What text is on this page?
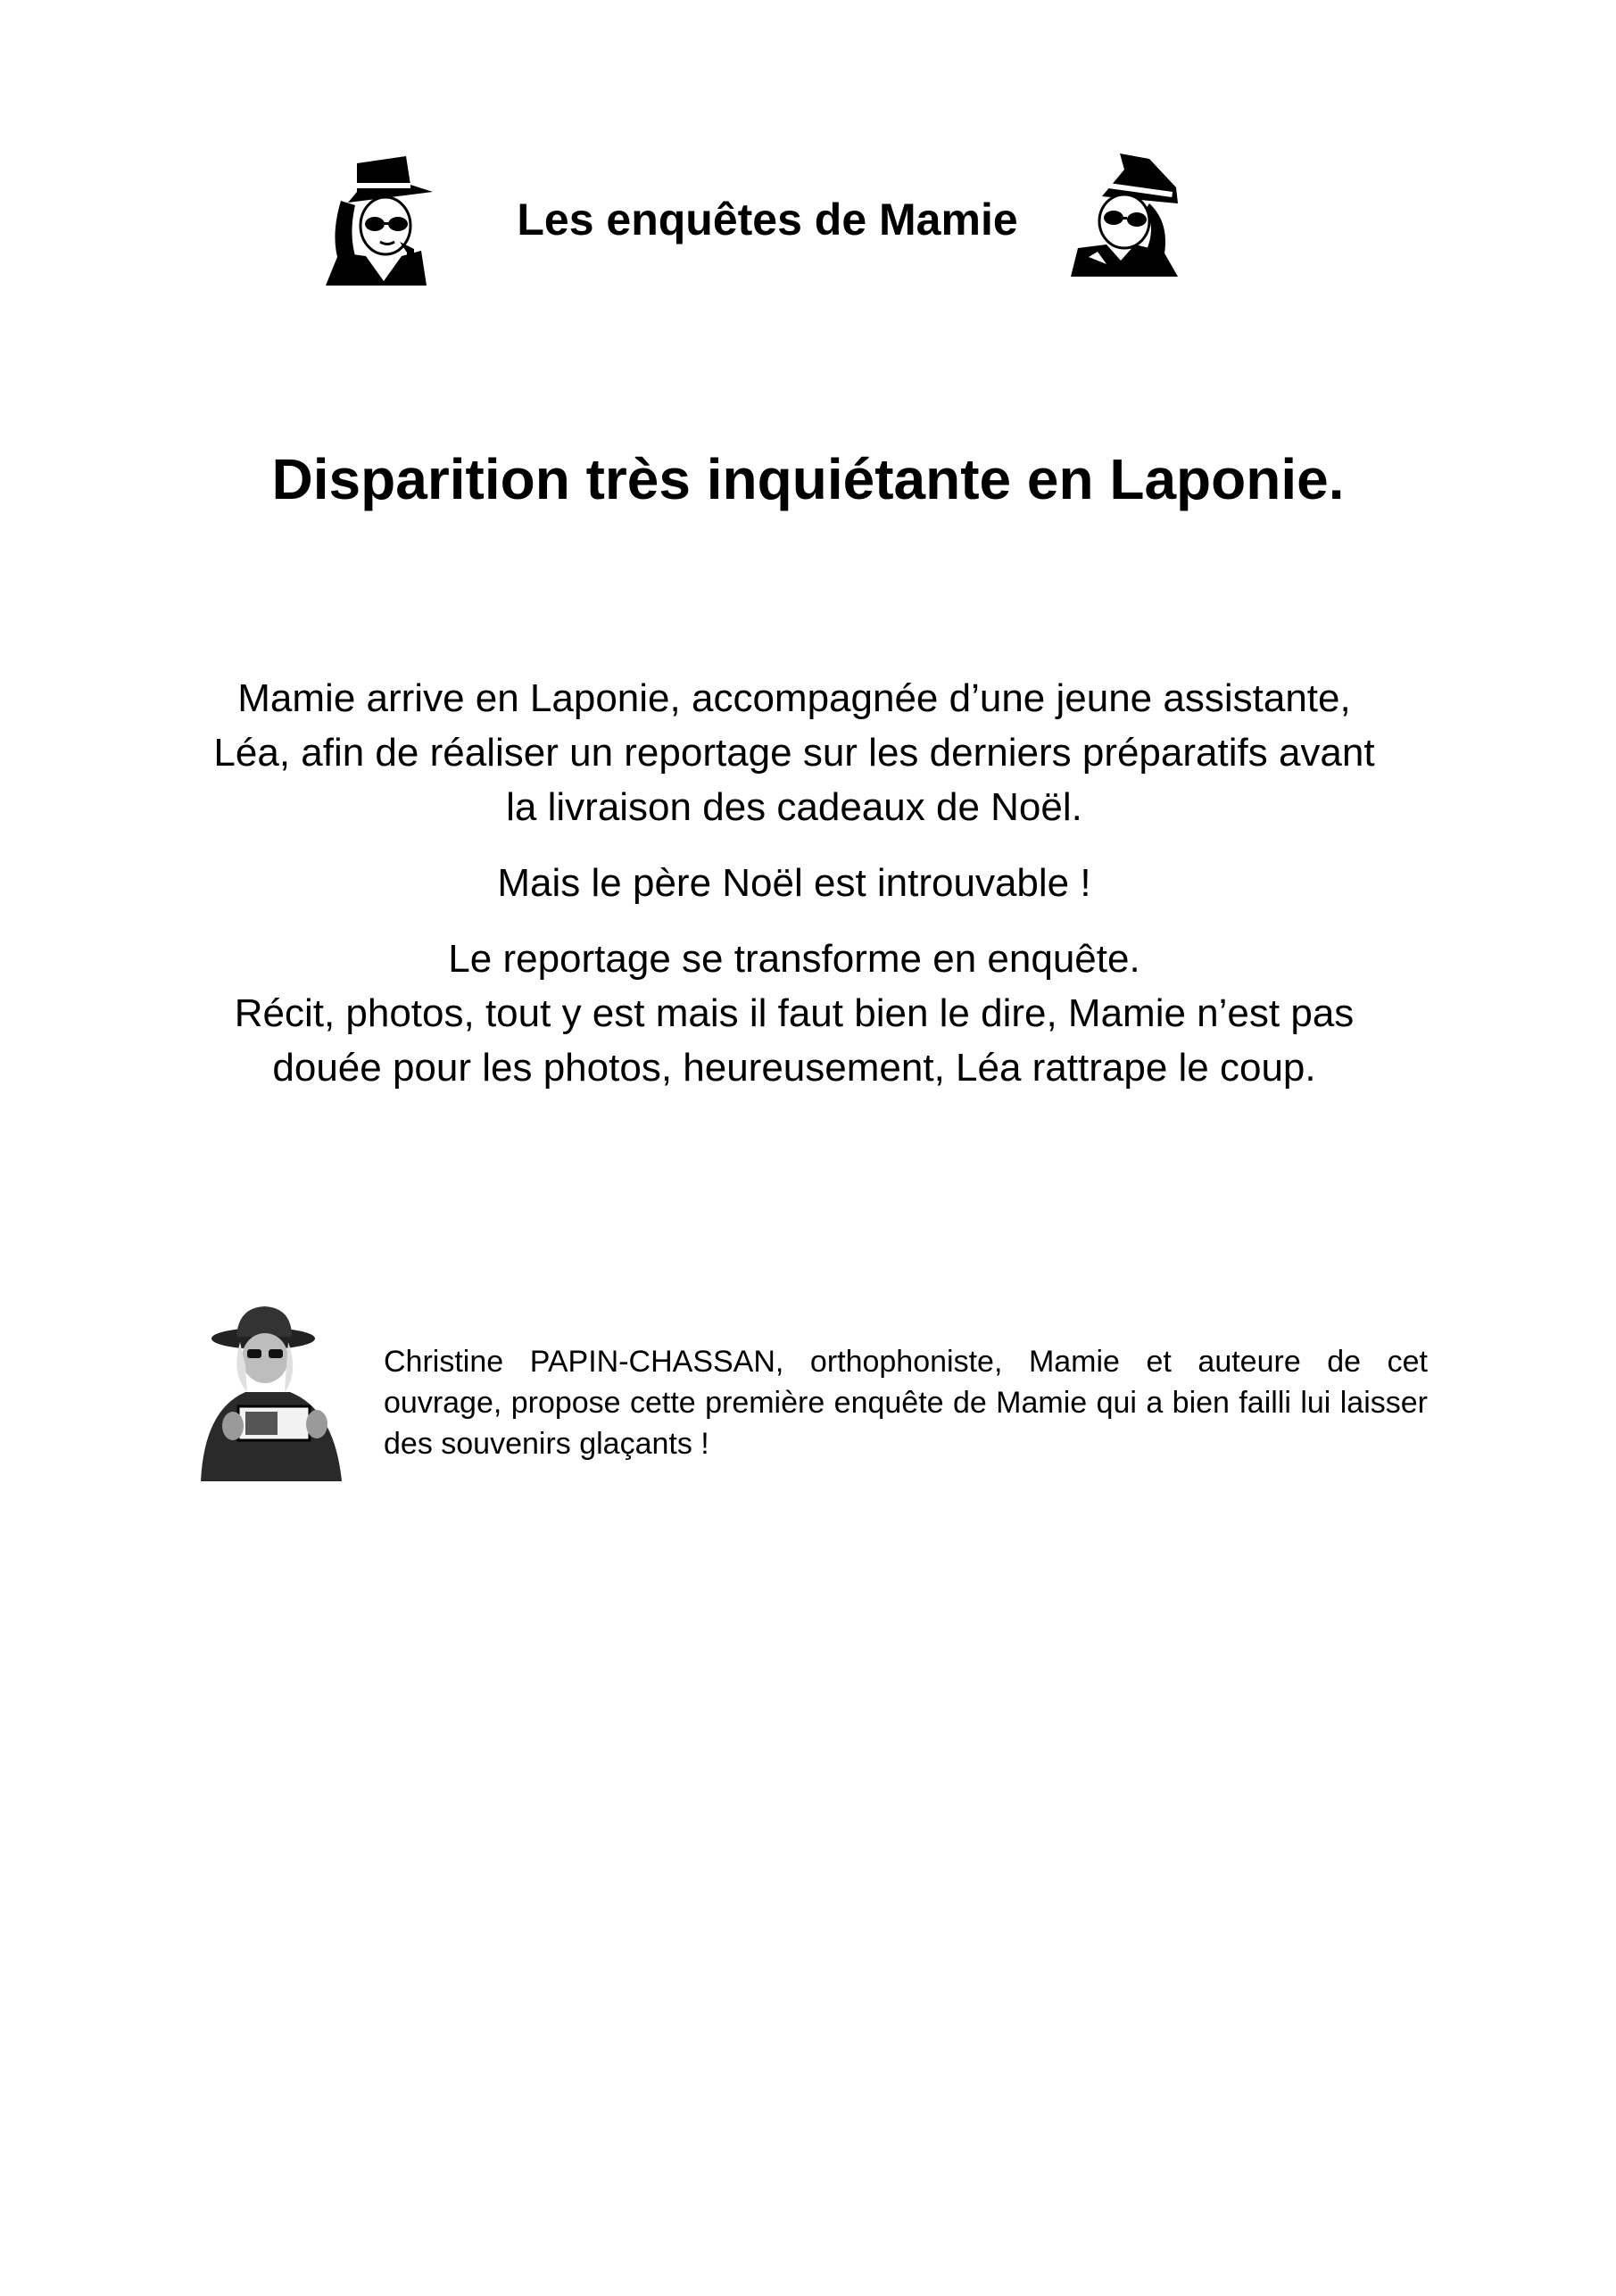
Les enquêtes de Mamie
Disparition très inquiétante en Laponie.

Mamie arrive en Laponie, accompagnée d’une jeune assistante,
Léa, afin de réaliser un reportage sur les derniers préparatifs avant
la livraison des cadeaux de Noël.

Mais le père Noël est introuvable !

Le reportage se transforme en enquête.
Récit, photos, tout y est mais il faut bien le dire, Mamie n’est pas
douée pour les photos, heureusement, Léa rattrape le coup.

Christine PAPIN-CHASSAN, orthophoniste, Mamie et auteure de cet ouvrage, propose cette première enquête de Mamie qui a bien failli lui laisser des souvenirs glaçants !
